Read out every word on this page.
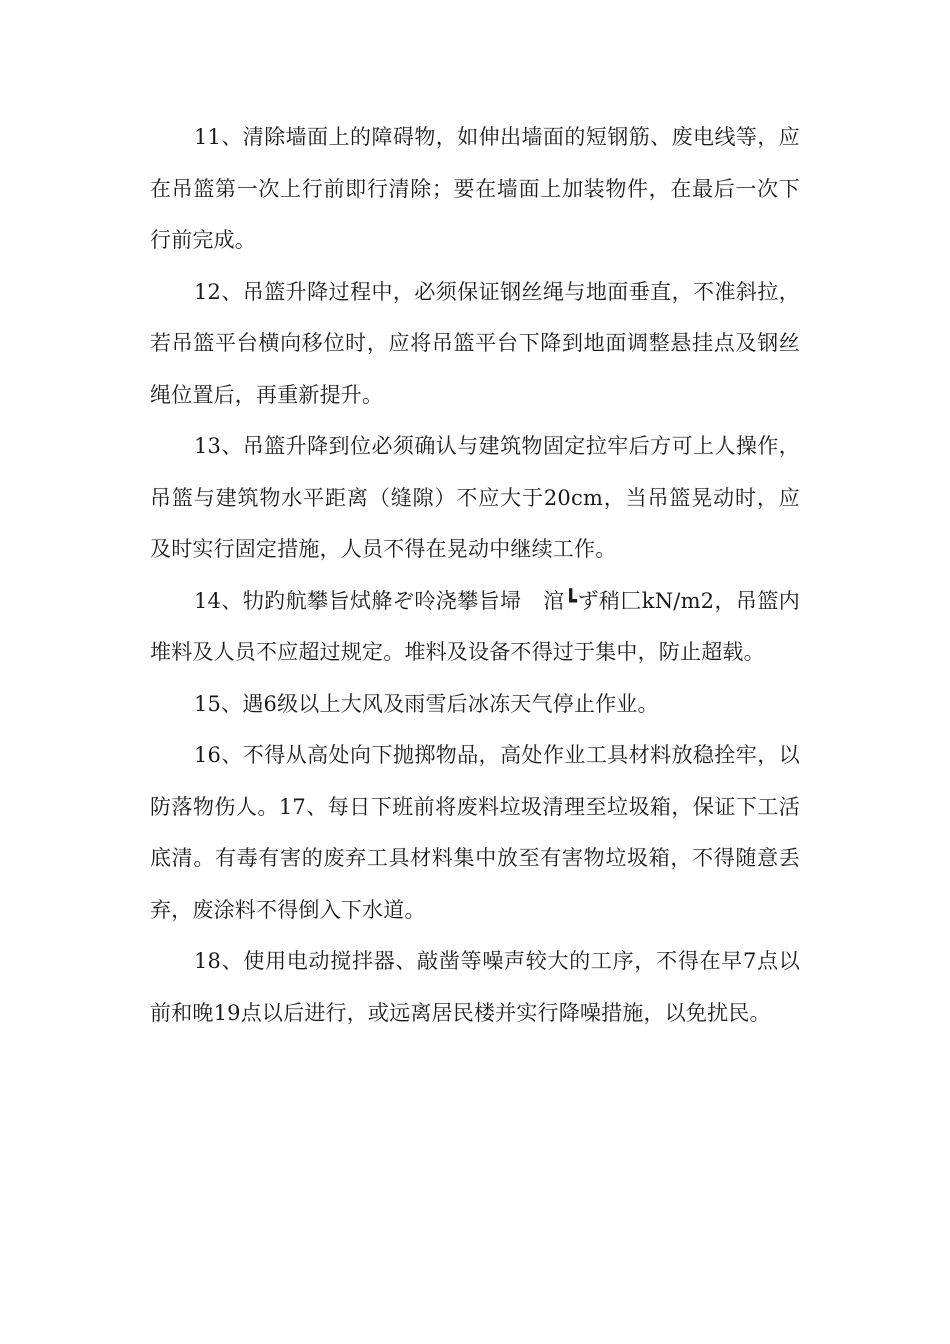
11、清除墙面上的障碍物，如伸出墙面的短钢筋、废电线等，应在吊篮第一次上行前即行清除；要在墙面上加装物件，在最后一次下行前完成。

12、吊篮升降过程中，必须保证钢丝绳与地面垂直，不准斜拉，若吊篮平台横向移位时，应将吊篮平台下降到地面调整悬挂点及钢丝绳位置后，再重新提升。

13、吊篮升降到位必须确认与建筑物固定拉牢后方可上人操作，吊篮与建筑物水平距离（缝隙）不应大于20cm，当吊篮晃动时，应及时实行固定措施，人员不得在晃动中继续工作。

14、牞趵航攀旨烒舽ぞ呤浇攀旨埽　涫┗ず稍匚kN/m2，吊篮内堆料及人员不应超过规定。堆料及设备不得过于集中，防止超载。

15、遇6级以上大风及雨雪后冰冻天气停止作业。

16、不得从高处向下抛掷物品，高处作业工具材料放稳拴牢，以防落物伤人。17、每日下班前将废料垃圾清理至垃圾箱，保证下工活底清。有毒有害的废弃工具材料集中放至有害物垃圾箱，不得随意丢弃，废涂料不得倒入下水道。

18、使用电动搅拌器、敲凿等噪声较大的工序，不得在早7点以前和晚19点以后进行，或远离居民楼并实行降噪措施，以免扰民。
